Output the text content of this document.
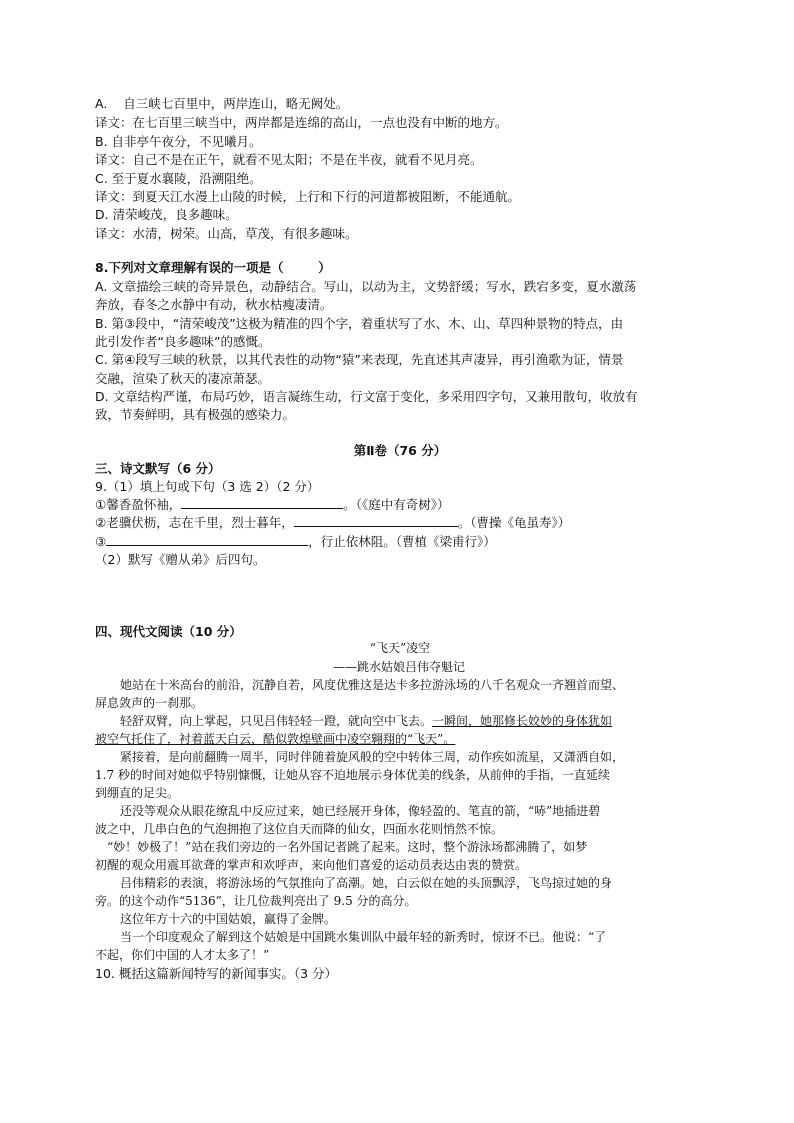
A.    自三峡七百里中，两岸连山，略无阙处。
译文：在七百里三峡当中，两岸都是连绵的高山，一点也没有中断的地方。
B. 自非亭午夜分，不见曦月。
译文：自己不是在正午，就看不见太阳；不是在半夜，就看不见月亮。
C. 至于夏水襄陵，沿溯阻绝。
译文：到夏天江水漫上山陵的时候，上行和下行的河道都被阻断，不能通航。
D. 清荣峻茂，良多趣味。
译文：水清，树荣。山高，草茂，有很多趣味。
8.下列对文章理解有误的一项是（        ）
A. 文章描绘三峡的奇异景色，动静结合。写山，以动为主，文势舒缓；写水，跌宕多变，夏水激荡
奔放，春冬之水静中有动，秋水枯瘦凄清。
B. 第③段中，“清荣峻茂”这极为精准的四个字，着重状写了水、木、山、草四种景物的特点，由
此引发作者“良多趣味”的感慨。
C. 第④段写三峡的秋景，以其代表性的动物“猿”来表现，先直述其声凄异，再引渔歌为证，情景
交融，渲染了秋天的凄凉萧瑟。
D. 文章结构严谨，布局巧妙，语言凝练生动，行文富于变化，多采用四字句，又兼用散句，收放有
致，节奏鲜明，具有极强的感染力。
第Ⅱ卷（76 分）
三、诗文默写（6 分）
9.（1）填上句或下句（3 选 2）（2 分）
①馨香盈怀袖，	。（《庭中有奇树》）
②老骥伏枥，志在千里，烈士暮年，	。（曹操《龟虽寿》）
③	，行止依林阻。（曹植《梁甫行》）
（2）默写《赠从弟》后四句。
四、现代文阅读（10 分）
“飞天”凌空
——跳水姑娘吕伟夺魁记
她站在十米高台的前沿，沉静自若，风度优雅这是达卡多拉游泳场的八千名观众一齐翘首而望、
屏息敛声的一刹那。
轻舒双臂，向上掌起，只见吕伟轻轻一蹬，就向空中飞去。一瞬间，她那修长姣妙的身体犹如
被空气托住了，衬着蓝天白云，酷似敦煌壁画中凌空翱翔的“飞天”。
紧接着，是向前翻腾一周半，同时伴随着旋风般的空中转体三周，动作疾如流星，又潇洒自如，
1.7 秒的时间对她似乎特别慷慨，让她从容不迫地展示身体优美的线条，从前伸的手指，一直延续
到绷直的足尖。
还没等观众从眼花缭乱中反应过来，她已经展开身体，像轻盈的、笔直的箭，“哧”地插进碧
波之中，几串白色的气泡拥抱了这位自天而降的仙女，四面水花则悄然不惊。
“妙！妙极了！”站在我们旁边的一名外国记者跳了起来。这时，整个游泳场都沸腾了，如梦
初醒的观众用震耳欲聋的掌声和欢呼声，来向他们喜爱的运动员表达由衷的赞赏。
吕伟精彩的表演，将游泳场的气氛推向了高潮。她，白云似在她的头顶飘浮，飞鸟掠过她的身
旁。的这个动作“5136”，让几位裁判亮出了 9.5 分的高分。
这位年方十六的中国姑娘，赢得了金牌。
当一个印度观众了解到这个姑娘是中国跳水集训队中最年轻的新秀时，惊讶不已。他说：“了
不起，你们中国的人才太多了！”
10. 概括这篇新闻特写的新闻事实。（3 分）
